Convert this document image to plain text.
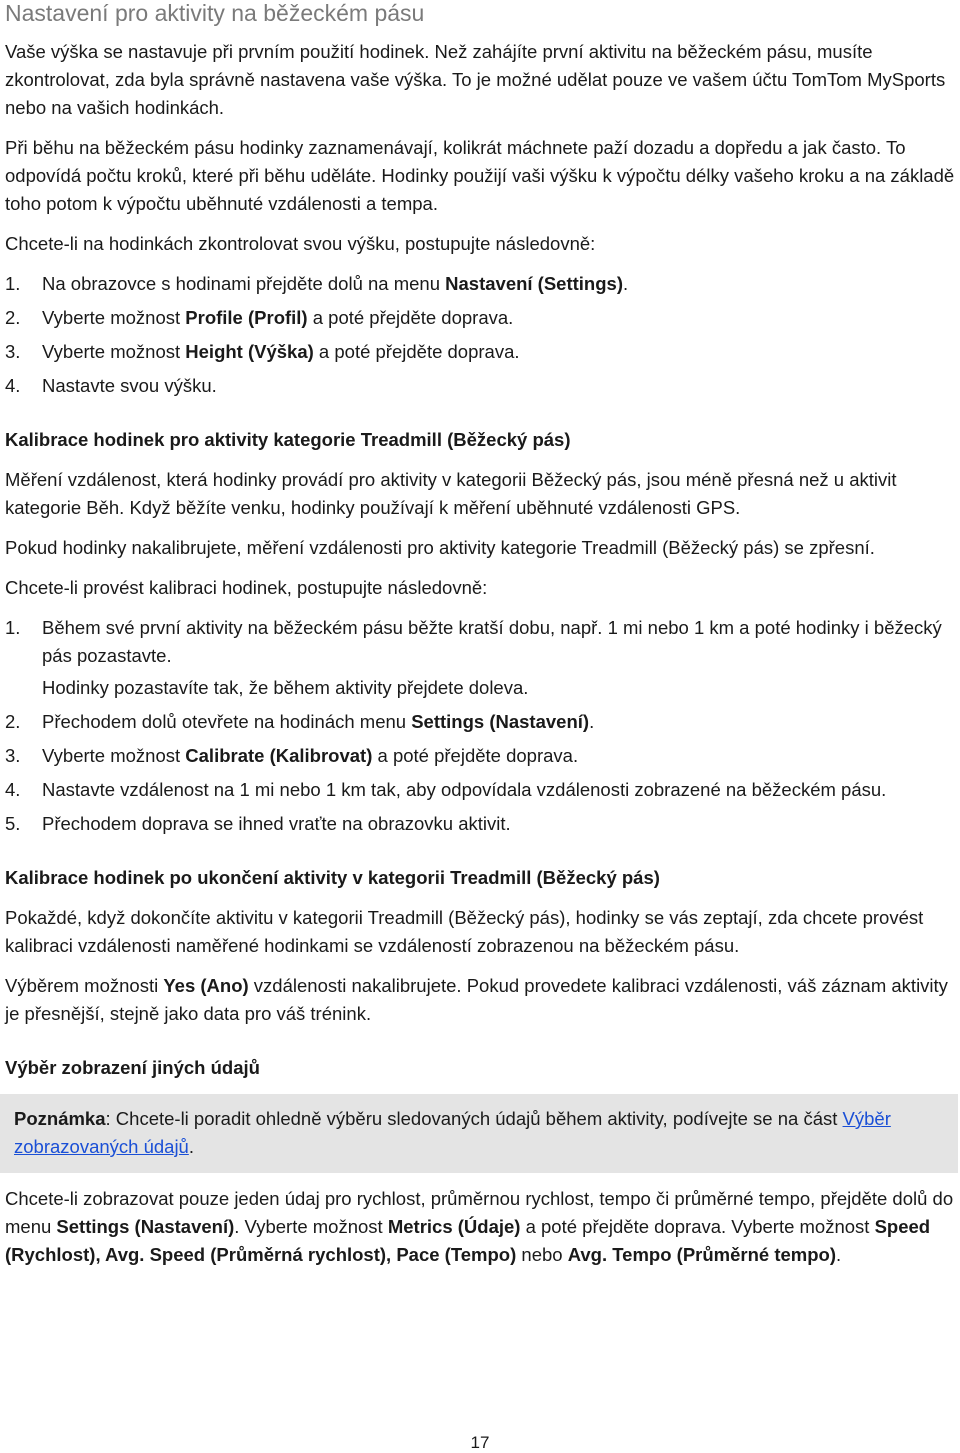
Nastavení pro aktivity na běžeckém pásu

Vaše výška se nastavuje při prvním použití hodinek. Než zahájíte první aktivitu na běžeckém pásu, musíte zkontrolovat, zda byla správně nastavena vaše výška. To je možné udělat pouze ve vašem účtu TomTom MySports nebo na vašich hodinkách.

Při běhu na běžeckém pásu hodinky zaznamenávají, kolikrát máchnete paží dozadu a dopředu a jak často. To odpovídá počtu kroků, které při běhu uděláte. Hodinky použijí vaši výšku k výpočtu délky vašeho kroku a na základě toho potom k výpočtu uběhnuté vzdálenosti a tempa.

Chcete-li na hodinkách zkontrolovat svou výšku, postupujte následovně:

1. Na obrazovce s hodinami přejděte dolů na menu Nastavení (Settings).
2. Vyberte možnost Profile (Profil) a poté přejděte doprava.
3. Vyberte možnost Height (Výška) a poté přejděte doprava.
4. Nastavte svou výšku.
Kalibrace hodinek pro aktivity kategorie Treadmill (Běžecký pás)

Měření vzdálenost, která hodinky provádí pro aktivity v kategorii Běžecký pás, jsou méně přesná než u aktivit kategorie Běh. Když běžíte venku, hodinky používají k měření uběhnuté vzdálenosti GPS.

Pokud hodinky nakalibrujete, měření vzdálenosti pro aktivity kategorie Treadmill (Běžecký pás) se zpřesní.

Chcete-li provést kalibraci hodinek, postupujte následovně:

1. Během své první aktivity na běžeckém pásu běžte kratší dobu, např. 1 mi nebo 1 km a poté hodinky i běžecký pás pozastavte.
Hodinky pozastavíte tak, že během aktivity přejdete doleva.
2. Přechodem dolů otevřete na hodinách menu Settings (Nastavení).
3. Vyberte možnost Calibrate (Kalibrovat) a poté přejděte doprava.
4. Nastavte vzdálenost na 1 mi nebo 1 km tak, aby odpovídala vzdálenosti zobrazené na běžeckém pásu.
5. Přechodem doprava se ihned vraťte na obrazovku aktivit.
Kalibrace hodinek po ukončení aktivity v kategorii Treadmill (Běžecký pás)

Pokaždé, když dokončíte aktivitu v kategorii Treadmill (Běžecký pás), hodinky se vás zeptají, zda chcete provést kalibraci vzdálenosti naměřené hodinkami se vzdáleností zobrazenou na běžeckém pásu.

Výběrem možnosti Yes (Ano) vzdálenosti nakalibrujete. Pokud provedete kalibraci vzdálenosti, váš záznam aktivity je přesnější, stejně jako data pro váš trénink.

Výběr zobrazení jiných údajů
Poznámka: Chcete-li poradit ohledně výběru sledovaných údajů během aktivity, podívejte se na část Výběr zobrazovaných údajů.

Chcete-li zobrazovat pouze jeden údaj pro rychlost, průměrnou rychlost, tempo či průměrné tempo, přejděte dolů do menu Settings (Nastavení). Vyberte možnost Metrics (Údaje) a poté přejděte doprava. Vyberte možnost Speed (Rychlost), Avg. Speed (Průměrná rychlost), Pace (Tempo) nebo Avg. Tempo (Průměrné tempo).

17
